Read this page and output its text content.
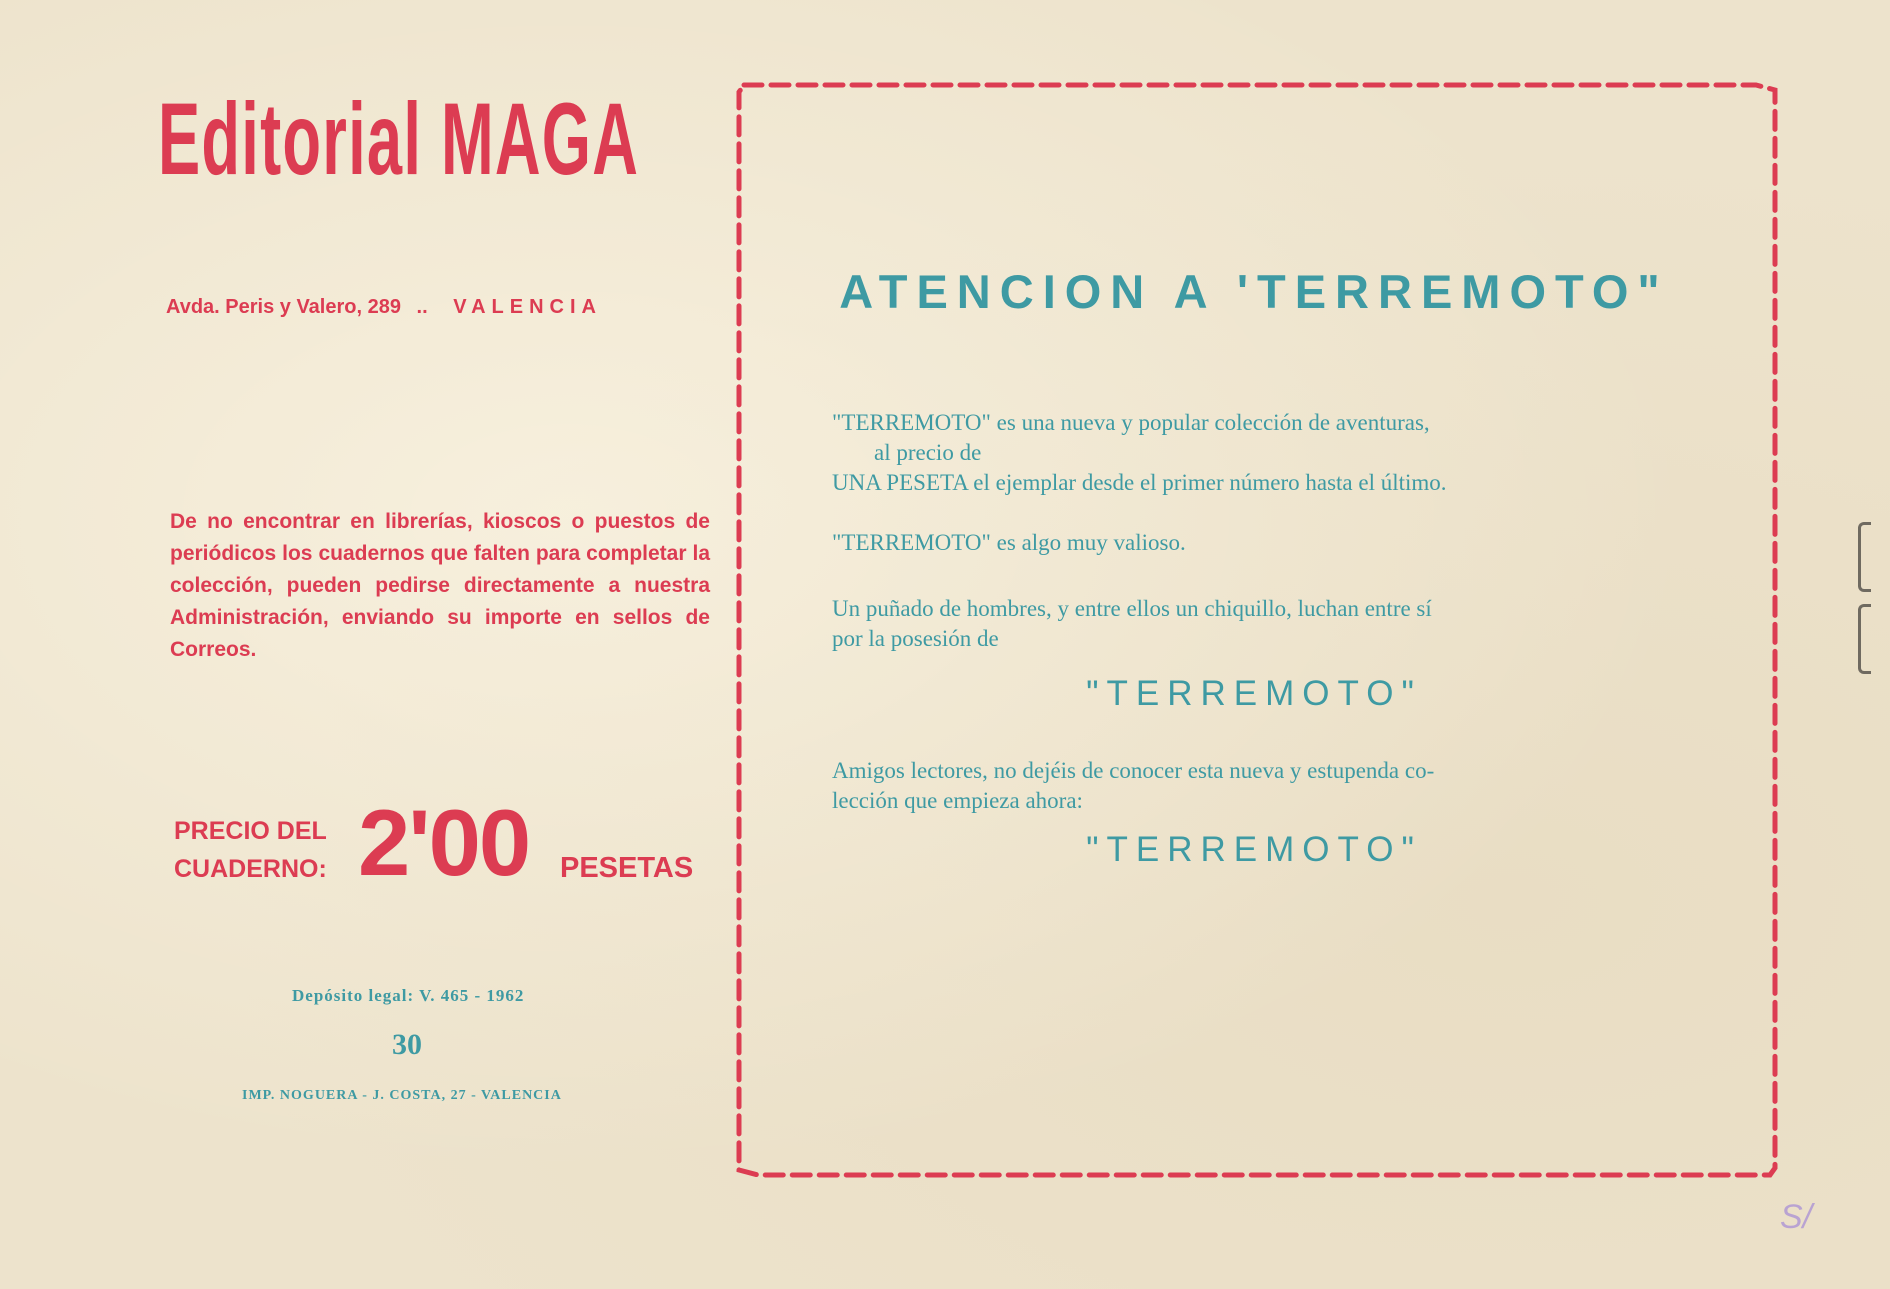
Editorial MAGA
Avda. Peris y Valero, 289 .. VALENCIA
De no encontrar en librerías, kioscos o puestos de periódicos los cuadernos que falten para completar la colección, pueden pedirse directamente a nuestra Administración, enviando su importe en sellos de Correos.
PRECIO DEL
CUADERNO: 2'00 PESETAS
Depósito legal: V. 465 - 1962
30
IMP. NOGUERA - J. COSTA, 27 - VALENCIA
ATENCION A 'TERREMOTO"
"TERREMOTO" es una nueva y popular colección de aventuras,
al precio de
UNA PESETA el ejemplar desde el primer número hasta el último.
"TERREMOTO" es algo muy valioso.
Un puñado de hombres, y entre ellos un chiquillo, luchan entre sí
por la posesión de
"TERREMOTO"
Amigos lectores, no dejéis de conocer esta nueva y estupenda co-
lección que empieza ahora:
"TERREMOTO"
S/
